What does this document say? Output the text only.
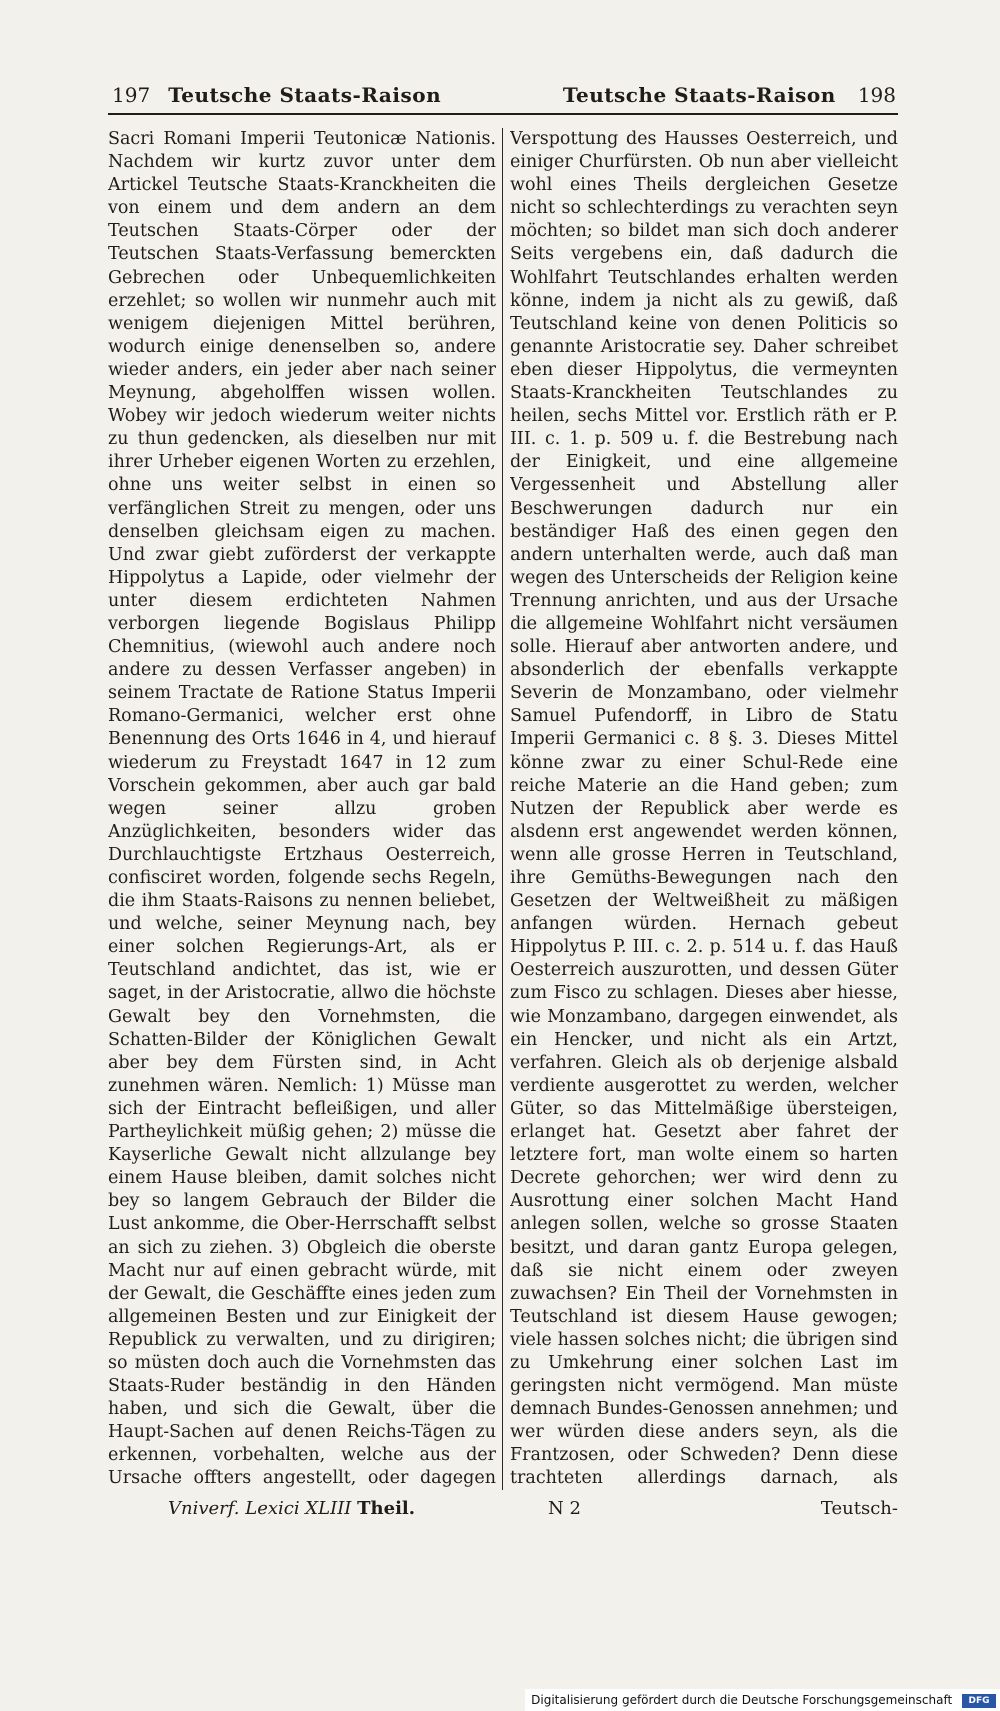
197 Teutsche Staats-Raison	Teutsche Staats-Raison 198

Sacri Romani Imperii Teutonicæ Nationis. Nachdem wir kurtz zuvor unter dem Artickel Teutsche Staats-Kranckheiten die von einem und dem andern an dem Teutschen Staats-Cörper oder der Teutschen Staats-Verfassung bemerckten Gebrechen oder Unbequemlichkeiten erzehlet; so wollen wir nunmehr auch mit wenigem diejenigen Mittel berühren, wodurch einige denenselben so, andere wieder anders, ein jeder aber nach seiner Meynung, abgeholffen wissen wollen. Wobey wir jedoch wiederum weiter nichts zu thun gedencken, als dieselben nur mit ihrer Urheber eigenen Worten zu erzehlen, ohne uns weiter selbst in einen so verfänglichen Streit zu mengen, oder uns denselben gleichsam eigen zu machen. Und zwar giebt zuförderst der verkappte Hippolytus a Lapide, oder vielmehr der unter diesem erdichteten Nahmen verborgen liegende Bogislaus Philipp Chemnitius, (wiewohl auch andere noch andere zu dessen Verfasser angeben) in seinem Tractate de Ratione Status Imperii Romano-Germanici, welcher erst ohne Benennung des Orts 1646 in 4, und hierauf wiederum zu Freystadt 1647 in 12 zum Vorschein gekommen, aber auch gar bald wegen seiner allzu groben Anzüglichkeiten, besonders wider das Durchlauchtigste Ertzhaus Oesterreich, confisciret worden, folgende sechs Regeln, die ihm Staats-Raisons zu nennen beliebet, und welche, seiner Meynung nach, bey einer solchen Regierungs-Art, als er Teutschland andichtet, das ist, wie er saget, in der Aristocratie, allwo die höchste Gewalt bey den Vornehmsten, die Schatten-Bilder der Königlichen Gewalt aber bey dem Fürsten sind, in Acht zunehmen wären. Nemlich: 1) Müsse man sich der Eintracht befleißigen, und aller Partheylichkeit müßig gehen; 2) müsse die Kayserliche Gewalt nicht allzulange bey einem Hause bleiben, damit solches nicht bey so langem Gebrauch der Bilder die Lust ankomme, die Ober-Herrschafft selbst an sich zu ziehen. 3) Obgleich die oberste Macht nur auf einen gebracht würde, mit der Gewalt, die Geschäffte eines jeden zum allgemeinen Besten und zur Einigkeit der Republick zu verwalten, und zu dirigiren; so müsten doch auch die Vornehmsten das Staats-Ruder beständig in den Händen haben, und sich die Gewalt, über die Haupt-Sachen auf denen Reichs-Tägen zu erkennen, vorbehalten, welche aus der Ursache offters angestellt, oder dagegen

Verspottung des Hausses Oesterreich, und einiger Churfürsten. Ob nun aber vielleicht wohl eines Theils dergleichen Gesetze nicht so schlechterdings zu verachten seyn möchten; so bildet man sich doch anderer Seits vergebens ein, daß dadurch die Wohlfahrt Teutschlandes erhalten werden könne, indem ja nicht als zu gewiß, daß Teutschland keine von denen Politicis so genannte Aristocratie sey. Daher schreibet eben dieser Hippolytus, die vermeynten Staats-Kranckheiten Teutschlandes zu heilen, sechs Mittel vor. Erstlich räth er P. III. c. 1. p. 509 u. f. die Bestrebung nach der Einigkeit, und eine allgemeine Vergessenheit und Abstellung aller Beschwerungen dadurch nur ein beständiger Haß des einen gegen den andern unterhalten werde, auch daß man wegen des Unterscheids der Religion keine Trennung anrichten, und aus der Ursache die allgemeine Wohlfahrt nicht versäumen solle. Hierauf aber antworten andere, und absonderlich der ebenfalls verkappte Severin de Monzambano, oder vielmehr Samuel Pufendorff, in Libro de Statu Imperii Germanici c. 8 §. 3. Dieses Mittel könne zwar zu einer Schul-Rede eine reiche Materie an die Hand geben; zum Nutzen der Republick aber werde es alsdenn erst angewendet werden können, wenn alle grosse Herren in Teutschland, ihre Gemüths-Bewegungen nach den Gesetzen der Weltweißheit zu mäßigen anfangen würden. Hernach gebeut Hippolytus P. III. c. 2. p. 514 u. f. das Hauß Oesterreich auszurotten, und dessen Güter zum Fisco zu schlagen. Dieses aber hiesse, wie Monzambano, dargegen einwendet, als ein Hencker, und nicht als ein Artzt, verfahren. Gleich als ob derjenige alsbald verdiente ausgerottet zu werden, welcher Güter, so das Mittelmäßige übersteigen, erlanget hat. Gesetzt aber fahret der letztere fort, man wolte einem so harten Decrete gehorchen; wer wird denn zu Ausrottung einer solchen Macht Hand anlegen sollen, welche so grosse Staaten besitzt, und daran gantz Europa gelegen, daß sie nicht einem oder zweyen zuwachsen? Ein Theil der Vornehmsten in Teutschland ist diesem Hause gewogen; viele hassen solches nicht; die übrigen sind zu Umkehrung einer solchen Last im geringsten nicht vermögend. Man müste demnach Bundes-Genossen annehmen; und wer würden diese anders seyn, als die Frantzosen, oder Schweden? Denn diese trachteten allerdings darnach, als

Vniverf. Lexici XLIII Theil.	N 2	Teutsch-
Digitalisierung gefördert durch die Deutsche Forschungsgemeinschaft DFG
